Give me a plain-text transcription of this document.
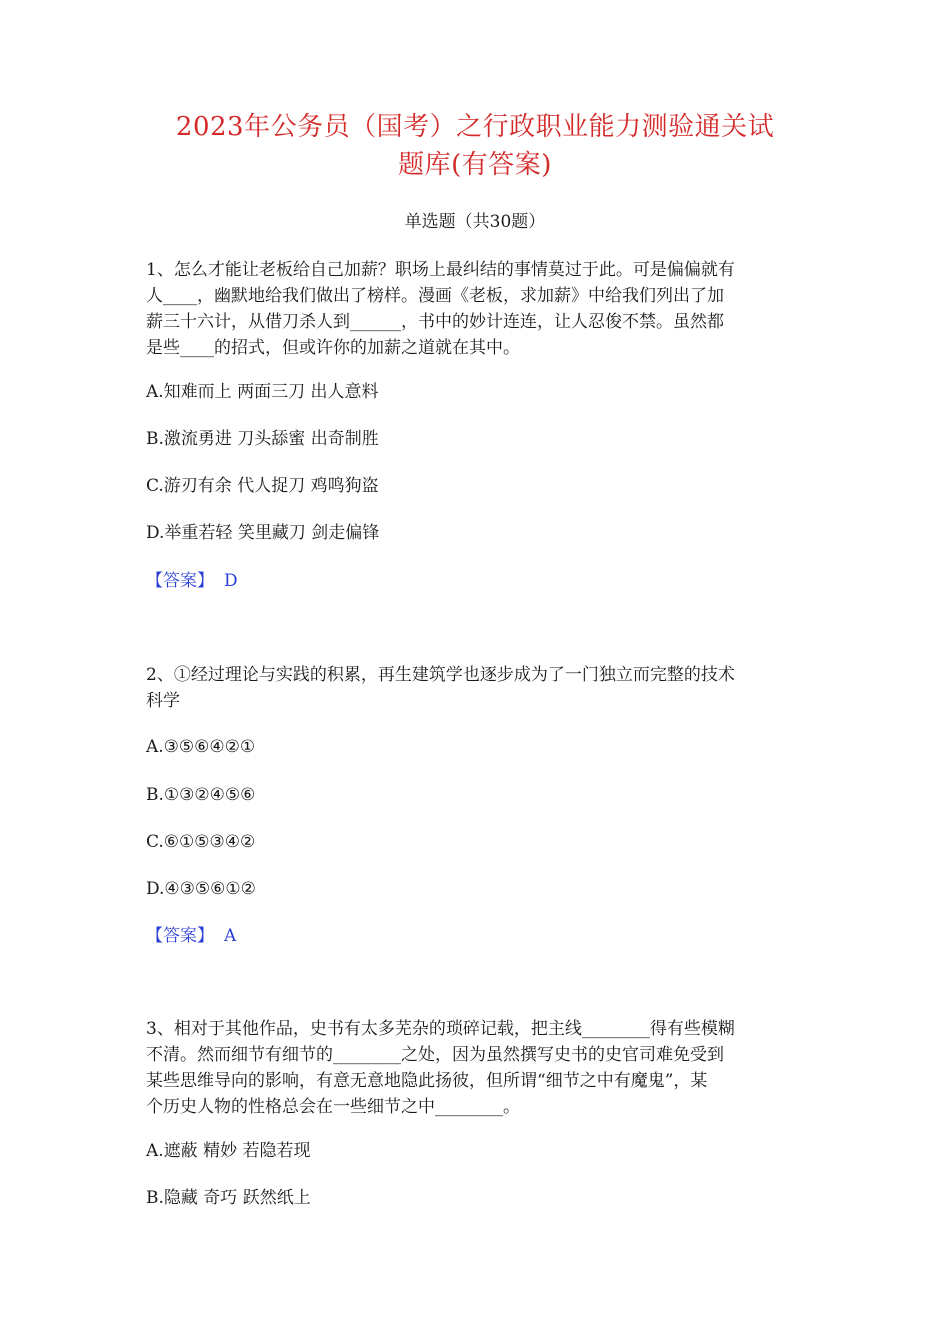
2023年公务员（国考）之行政职业能力测验通关试
题库(有答案)
单选题（共30题）
1、怎么才能让老板给自己加薪？职场上最纠结的事情莫过于此。可是偏偏就有
人____，幽默地给我们做出了榜样。漫画《老板，求加薪》中给我们列出了加
薪三十六计，从借刀杀人到______，书中的妙计连连，让人忍俊不禁。虽然都
是些____的招式，但或许你的加薪之道就在其中。
A.知难而上 两面三刀 出人意料
B.激流勇进 刀头舔蜜 出奇制胜
C.游刃有余 代人捉刀 鸡鸣狗盗
D.举重若轻 笑里藏刀 剑走偏锋
【答案】 D
2、①经过理论与实践的积累，再生建筑学也逐步成为了一门独立而完整的技术
科学
A.③⑤⑥④②①
B.①③②④⑤⑥
C.⑥①⑤③④②
D.④③⑤⑥①②
【答案】 A
3、相对于其他作品，史书有太多芜杂的琐碎记载，把主线________得有些模糊
不清。然而细节有细节的________之处，因为虽然撰写史书的史官司难免受到
某些思维导向的影响，有意无意地隐此扬彼，但所谓“细节之中有魔鬼”，某
个历史人物的性格总会在一些细节之中________。
A.遮蔽 精妙 若隐若现
B.隐藏 奇巧 跃然纸上
